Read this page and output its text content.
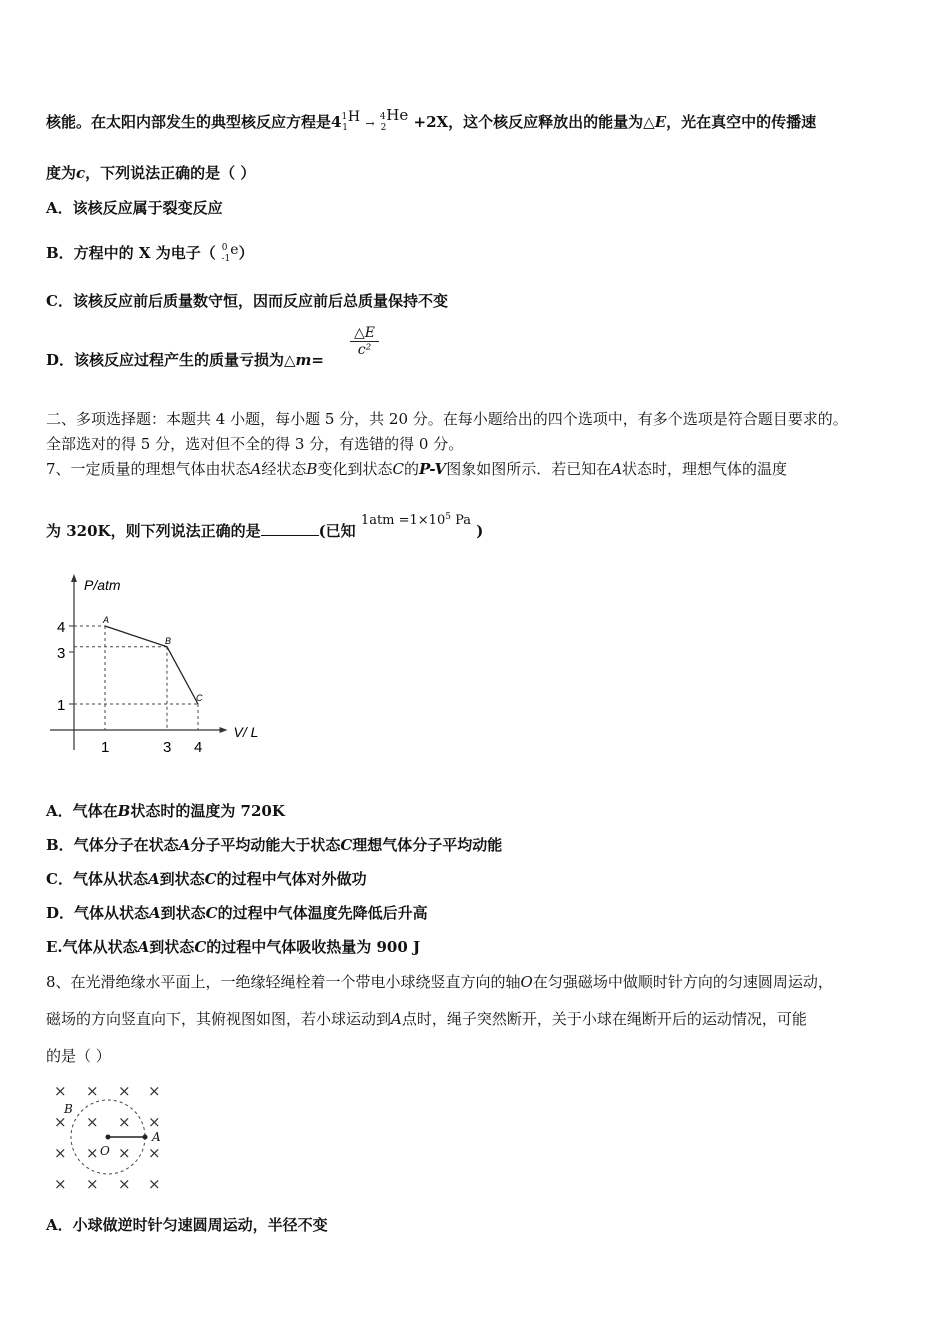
核能。在太阳内部发生的典型核反应方程是$4^1_1H \to ^4_2He +2X$，这个核反应释放出的能量为△E，光在真空中的传播速
度为c，下列说法正确的是（ ）
A．该核反应属于裂变反应
B．方程中的 X 为电子（ $^0_{-1}$e）
C．该核反应前后质量数守恒，因而反应前后总质量保持不变
D．该核反应过程产生的质量亏损为△m=
$\frac{\triangle E}{\text{c²}}$
二、多项选择题：本题共 4 小题，每小题 5 分，共 20 分。在每小题给出的四个选项中，有多个选项是符合题目要求的。
全部选对的得 5 分，选对但不全的得 3 分，有选错的得 0 分。
7、一定质量的理想气体由状态A经状态B变化到状态C的P-V图象如图所示．若已知在A状态时，理想气体的温度
为 320K，则下列说法正确的是	(已知 $1atm =1\times 10^5$ Pa )
P/atm
V/ L
1	3 4
4
3
1
A
B
C
A．气体在B状态时的温度为 720K
B．气体分子在状态A分子平均动能大于状态C理想气体分子平均动能
C．气体从状态A到状态C的过程中气体对外做功
D．气体从状态A到状态C的过程中气体温度先降低后升高
E.气体从状态A到状态C的过程中气体吸收热量为 900 J
8、在光滑绝缘水平面上，一绝缘轻绳栓着一个带电小球绕竖直方向的轴O在匀强磁场中做顺时针方向的匀速圆周运动，
磁场的方向竖直向下，其俯视图如图，若小球运动到A点时，绳子突然断开，关于小球在绳断开后的运动情况，可能
的是（ ）
× × × ×
× × × ×
× × × ×
× × × ×
B
A
O
A．小球做逆时针匀速圆周运动，半径不变
